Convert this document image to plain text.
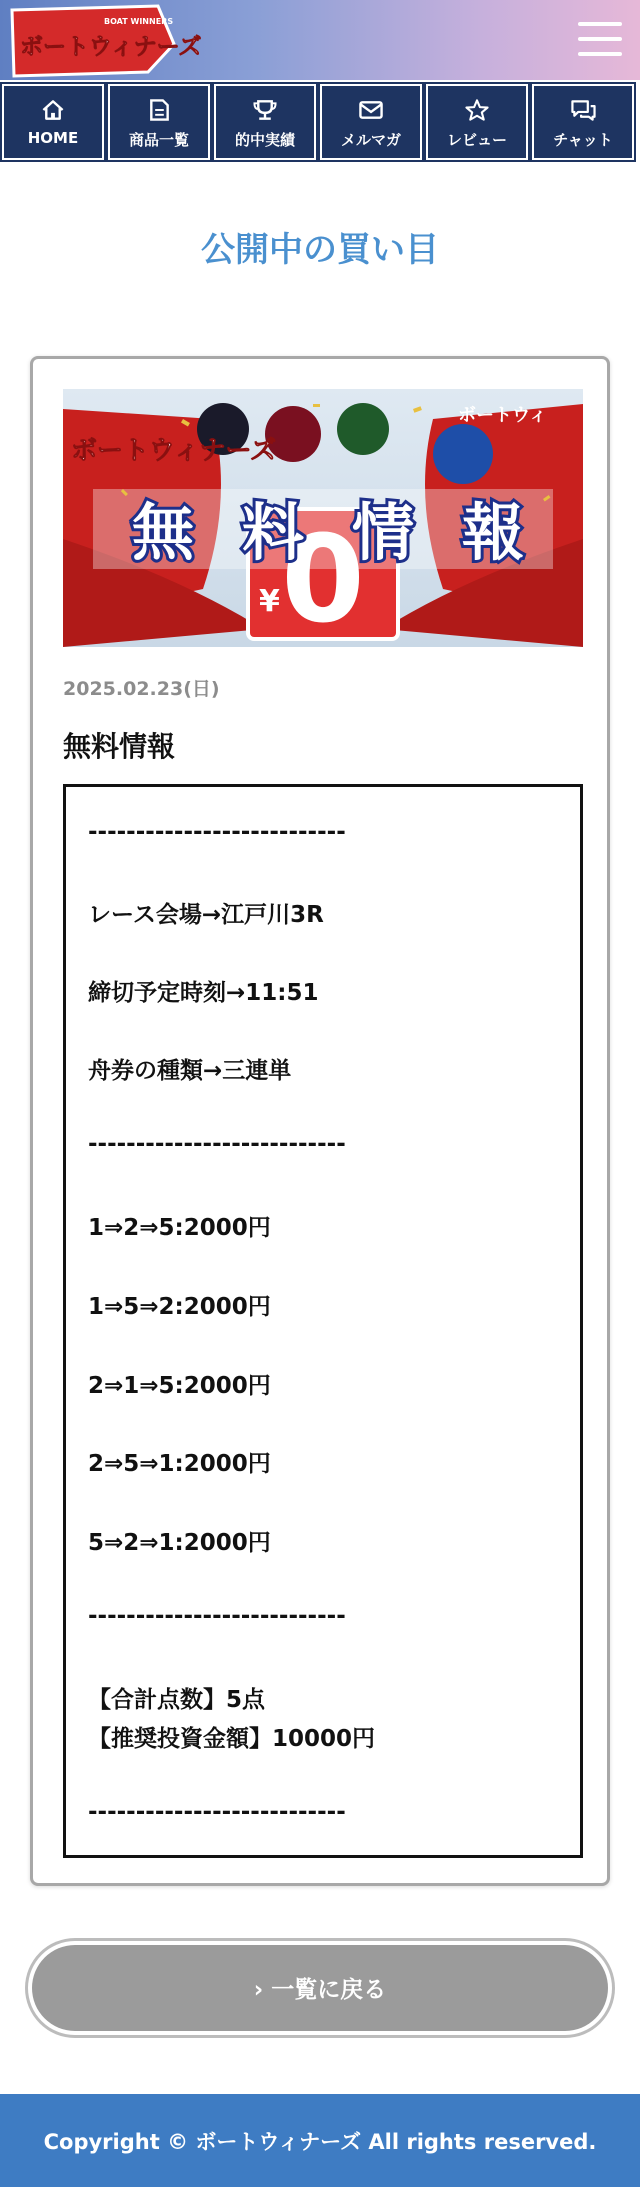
ボートウィナーズ
BOAT WINNERS
HOME	商品一覧	的中実績	メルマガ	レビュー	チャット
公開中の買い目
0
¥
ボートウィナーズ
ボートウィ
無 料 情 報
2025.02.23(日)
無料情報
---------------------------
レース会場→江戸川3R
締切予定時刻→11:51
舟券の種類→三連単
---------------------------
1⇒2⇒5:2000円
1⇒5⇒2:2000円
2⇒1⇒5:2000円
2⇒5⇒1:2000円
5⇒2⇒1:2000円
---------------------------
【合計点数】5点
【推奨投資金額】10000円
---------------------------
› 一覧に戻る
Copyright © ボートウィナーズ All rights reserved.
